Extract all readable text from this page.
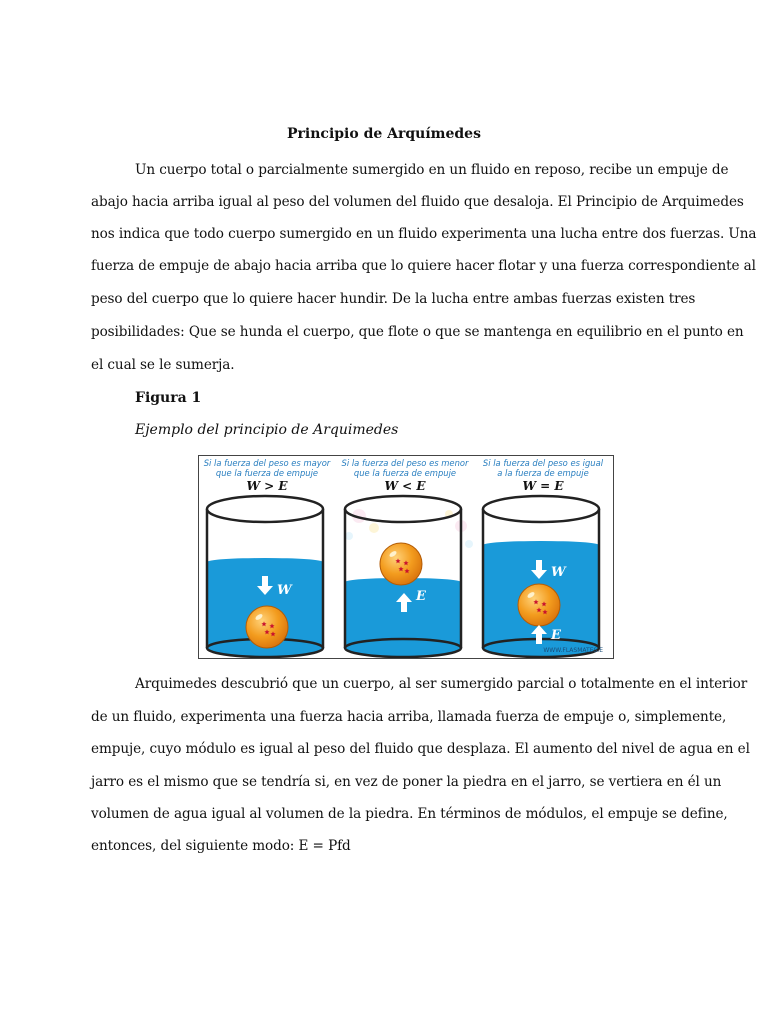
Principio de Arquímedes
Un cuerpo total o parcialmente sumergido en un fluido en reposo, recibe un empuje de
abajo hacia arriba igual al peso del volumen del fluido que desaloja. El Principio de Arquimedes
nos indica que todo cuerpo sumergido en un fluido experimenta una lucha entre dos fuerzas. Una
fuerza de empuje de abajo hacia arriba que lo quiere hacer flotar y una fuerza correspondiente al
peso del cuerpo que lo quiere hacer hundir. De la lucha entre ambas fuerzas existen tres
posibilidades: Que se hunda el cuerpo, que flote o que se mantenga en equilibrio en el punto en
el cual se le sumerja.
Figura 1
Ejemplo del principio de Arquimedes
Si la fuerza del peso es mayor
que la fuerza de empuje
W > E
Si la fuerza del peso es menor
que la fuerza de empuje
W < E
Si la fuerza del peso es igual
a la fuerza de empuje
W = E
W	E
W
E
WWW.FLASMATES.E
Arquimedes descubrió que un cuerpo, al ser sumergido parcial o totalmente en el interior
de un fluido, experimenta una fuerza hacia arriba, llamada fuerza de empuje o, simplemente,
empuje, cuyo módulo es igual al peso del fluido que desplaza. El aumento del nivel de agua en el
jarro es el mismo que se tendría si, en vez de poner la piedra en el jarro, se vertiera en él un
volumen de agua igual al volumen de la piedra. En términos de módulos, el empuje se define,
entonces, del siguiente modo: E = Pfd
